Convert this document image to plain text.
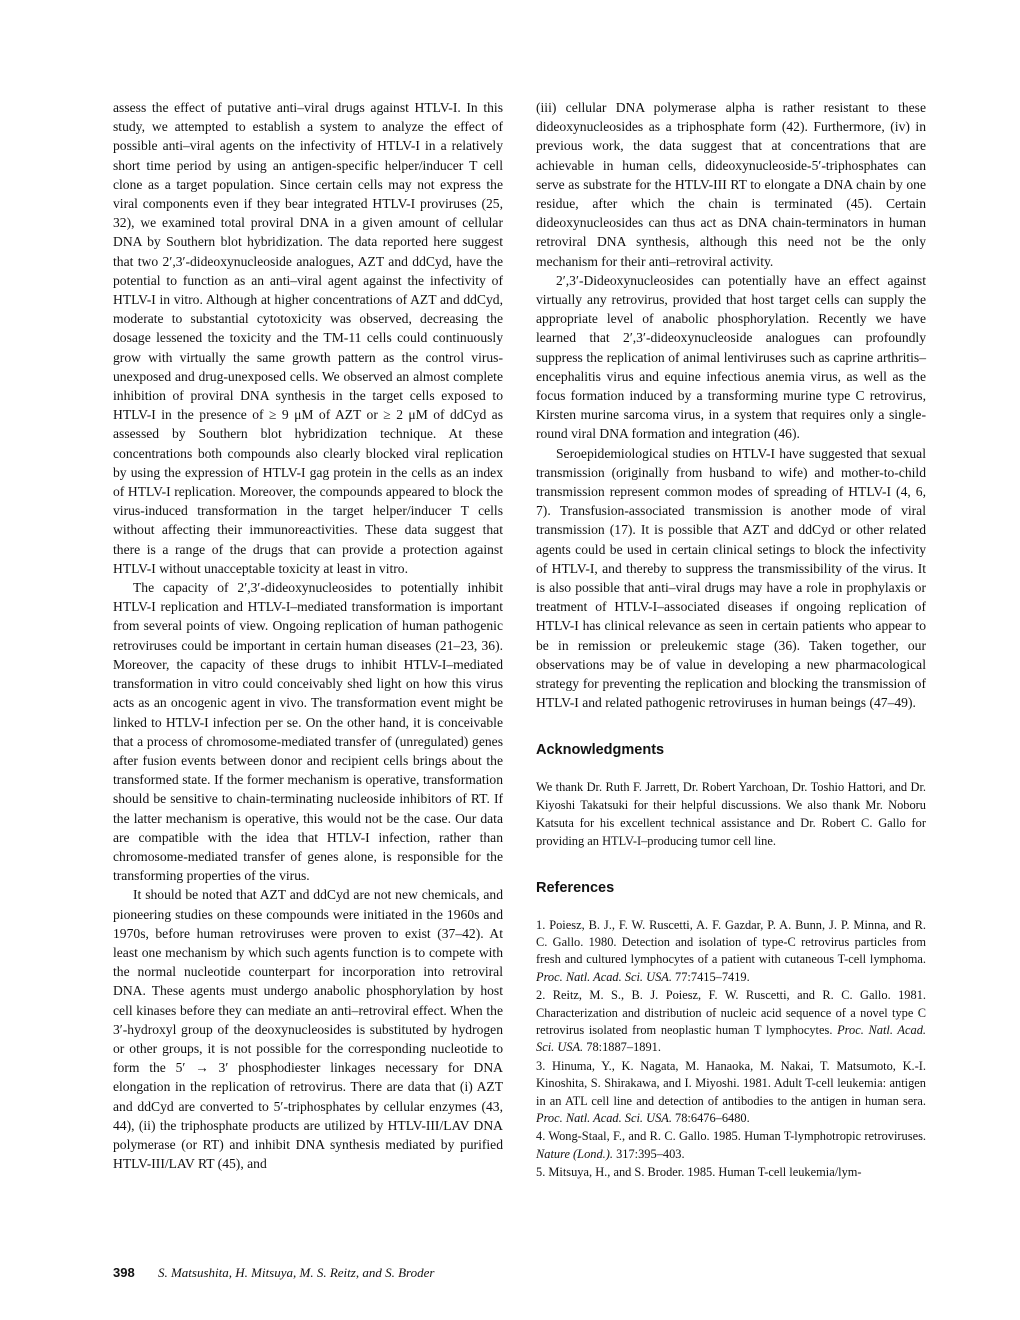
assess the effect of putative anti–viral drugs against HTLV-I. In this study, we attempted to establish a system to analyze the effect of possible anti–viral agents on the infectivity of HTLV-I in a relatively short time period by using an antigen-specific helper/inducer T cell clone as a target population. Since certain cells may not express the viral components even if they bear integrated HTLV-I proviruses (25, 32), we examined total proviral DNA in a given amount of cellular DNA by Southern blot hybridization. The data reported here suggest that two 2′,3′-dideoxynucleoside analogues, AZT and ddCyd, have the potential to function as an anti–viral agent against the infectivity of HTLV-I in vitro. Although at higher concentrations of AZT and ddCyd, moderate to substantial cytotoxicity was observed, decreasing the dosage lessened the toxicity and the TM-11 cells could continuously grow with virtually the same growth pattern as the control virus-unexposed and drug-unexposed cells. We observed an almost complete inhibition of proviral DNA synthesis in the target cells exposed to HTLV-I in the presence of ≥ 9 μM of AZT or ≥ 2 μM of ddCyd as assessed by Southern blot hybridization technique. At these concentrations both compounds also clearly blocked viral replication by using the expression of HTLV-I gag protein in the cells as an index of HTLV-I replication. Moreover, the compounds appeared to block the virus-induced transformation in the target helper/inducer T cells without affecting their immunoreactivities. These data suggest that there is a range of the drugs that can provide a protection against HTLV-I without unacceptable toxicity at least in vitro.

The capacity of 2′,3′-dideoxynucleosides to potentially inhibit HTLV-I replication and HTLV-I–mediated transformation is important from several points of view. Ongoing replication of human pathogenic retroviruses could be important in certain human diseases (21–23, 36). Moreover, the capacity of these drugs to inhibit HTLV-I–mediated transformation in vitro could conceivably shed light on how this virus acts as an oncogenic agent in vivo. The transformation event might be linked to HTLV-I infection per se. On the other hand, it is conceivable that a process of chromosome-mediated transfer of (unregulated) genes after fusion events between donor and recipient cells brings about the transformed state. If the former mechanism is operative, transformation should be sensitive to chain-terminating nucleoside inhibitors of RT. If the latter mechanism is operative, this would not be the case. Our data are compatible with the idea that HTLV-I infection, rather than chromosome-mediated transfer of genes alone, is responsible for the transforming properties of the virus.

It should be noted that AZT and ddCyd are not new chemicals, and pioneering studies on these compounds were initiated in the 1960s and 1970s, before human retroviruses were proven to exist (37–42). At least one mechanism by which such agents function is to compete with the normal nucleotide counterpart for incorporation into retroviral DNA. These agents must undergo anabolic phosphorylation by host cell kinases before they can mediate an anti–retroviral effect. When the 3′-hydroxyl group of the deoxynucleosides is substituted by hydrogen or other groups, it is not possible for the corresponding nucleotide to form the 5′ → 3′ phosphodiester linkages necessary for DNA elongation in the replication of retrovirus. There are data that (i) AZT and ddCyd are converted to 5′-triphosphates by cellular enzymes (43, 44), (ii) the triphosphate products are utilized by HTLV-III/LAV DNA polymerase (or RT) and inhibit DNA synthesis mediated by purified HTLV-III/LAV RT (45), and

(iii) cellular DNA polymerase alpha is rather resistant to these dideoxynucleosides as a triphosphate form (42). Furthermore, (iv) in previous work, the data suggest that at concentrations that are achievable in human cells, dideoxynucleoside-5′-triphosphates can serve as substrate for the HTLV-III RT to elongate a DNA chain by one residue, after which the chain is terminated (45). Certain dideoxynucleosides can thus act as DNA chain-terminators in human retroviral DNA synthesis, although this need not be the only mechanism for their anti–retroviral activity.

2′,3′-Dideoxynucleosides can potentially have an effect against virtually any retrovirus, provided that host target cells can supply the appropriate level of anabolic phosphorylation. Recently we have learned that 2′,3′-dideoxynucleoside analogues can profoundly suppress the replication of animal lentiviruses such as caprine arthritis–encephalitis virus and equine infectious anemia virus, as well as the focus formation induced by a transforming murine type C retrovirus, Kirsten murine sarcoma virus, in a system that requires only a single-round viral DNA formation and integration (46).

Seroepidemiological studies on HTLV-I have suggested that sexual transmission (originally from husband to wife) and mother-to-child transmission represent common modes of spreading of HTLV-I (4, 6, 7). Transfusion-associated transmission is another mode of viral transmission (17). It is possible that AZT and ddCyd or other related agents could be used in certain clinical setings to block the infectivity of HTLV-I, and thereby to suppress the transmissibility of the virus. It is also possible that anti–viral drugs may have a role in prophylaxis or treatment of HTLV-I–associated diseases if ongoing replication of HTLV-I has clinical relevance as seen in certain patients who appear to be in remission or preleukemic stage (36). Taken together, our observations may be of value in developing a new pharmacological strategy for preventing the replication and blocking the transmission of HTLV-I and related pathogenic retroviruses in human beings (47–49).

Acknowledgments

We thank Dr. Ruth F. Jarrett, Dr. Robert Yarchoan, Dr. Toshio Hattori, and Dr. Kiyoshi Takatsuki for their helpful discussions. We also thank Mr. Noboru Katsuta for his excellent technical assistance and Dr. Robert C. Gallo for providing an HTLV-I–producing tumor cell line.

References

1. Poiesz, B. J., F. W. Ruscetti, A. F. Gazdar, P. A. Bunn, J. P. Minna, and R. C. Gallo. 1980. Detection and isolation of type-C retrovirus particles from fresh and cultured lymphocytes of a patient with cutaneous T-cell lymphoma. Proc. Natl. Acad. Sci. USA. 77:7415–7419.

2. Reitz, M. S., B. J. Poiesz, F. W. Ruscetti, and R. C. Gallo. 1981. Characterization and distribution of nucleic acid sequence of a novel type C retrovirus isolated from neoplastic human T lymphocytes. Proc. Natl. Acad. Sci. USA. 78:1887–1891.

3. Hinuma, Y., K. Nagata, M. Hanaoka, M. Nakai, T. Matsumoto, K.-I. Kinoshita, S. Shirakawa, and I. Miyoshi. 1981. Adult T-cell leukemia: antigen in an ATL cell line and detection of antibodies to the antigen in human sera. Proc. Natl. Acad. Sci. USA. 78:6476–6480.

4. Wong-Staal, F., and R. C. Gallo. 1985. Human T-lymphotropic retroviruses. Nature (Lond.). 317:395–403.

5. Mitsuya, H., and S. Broder. 1985. Human T-cell leukemia/lym-

398 S. Matsushita, H. Mitsuya, M. S. Reitz, and S. Broder
